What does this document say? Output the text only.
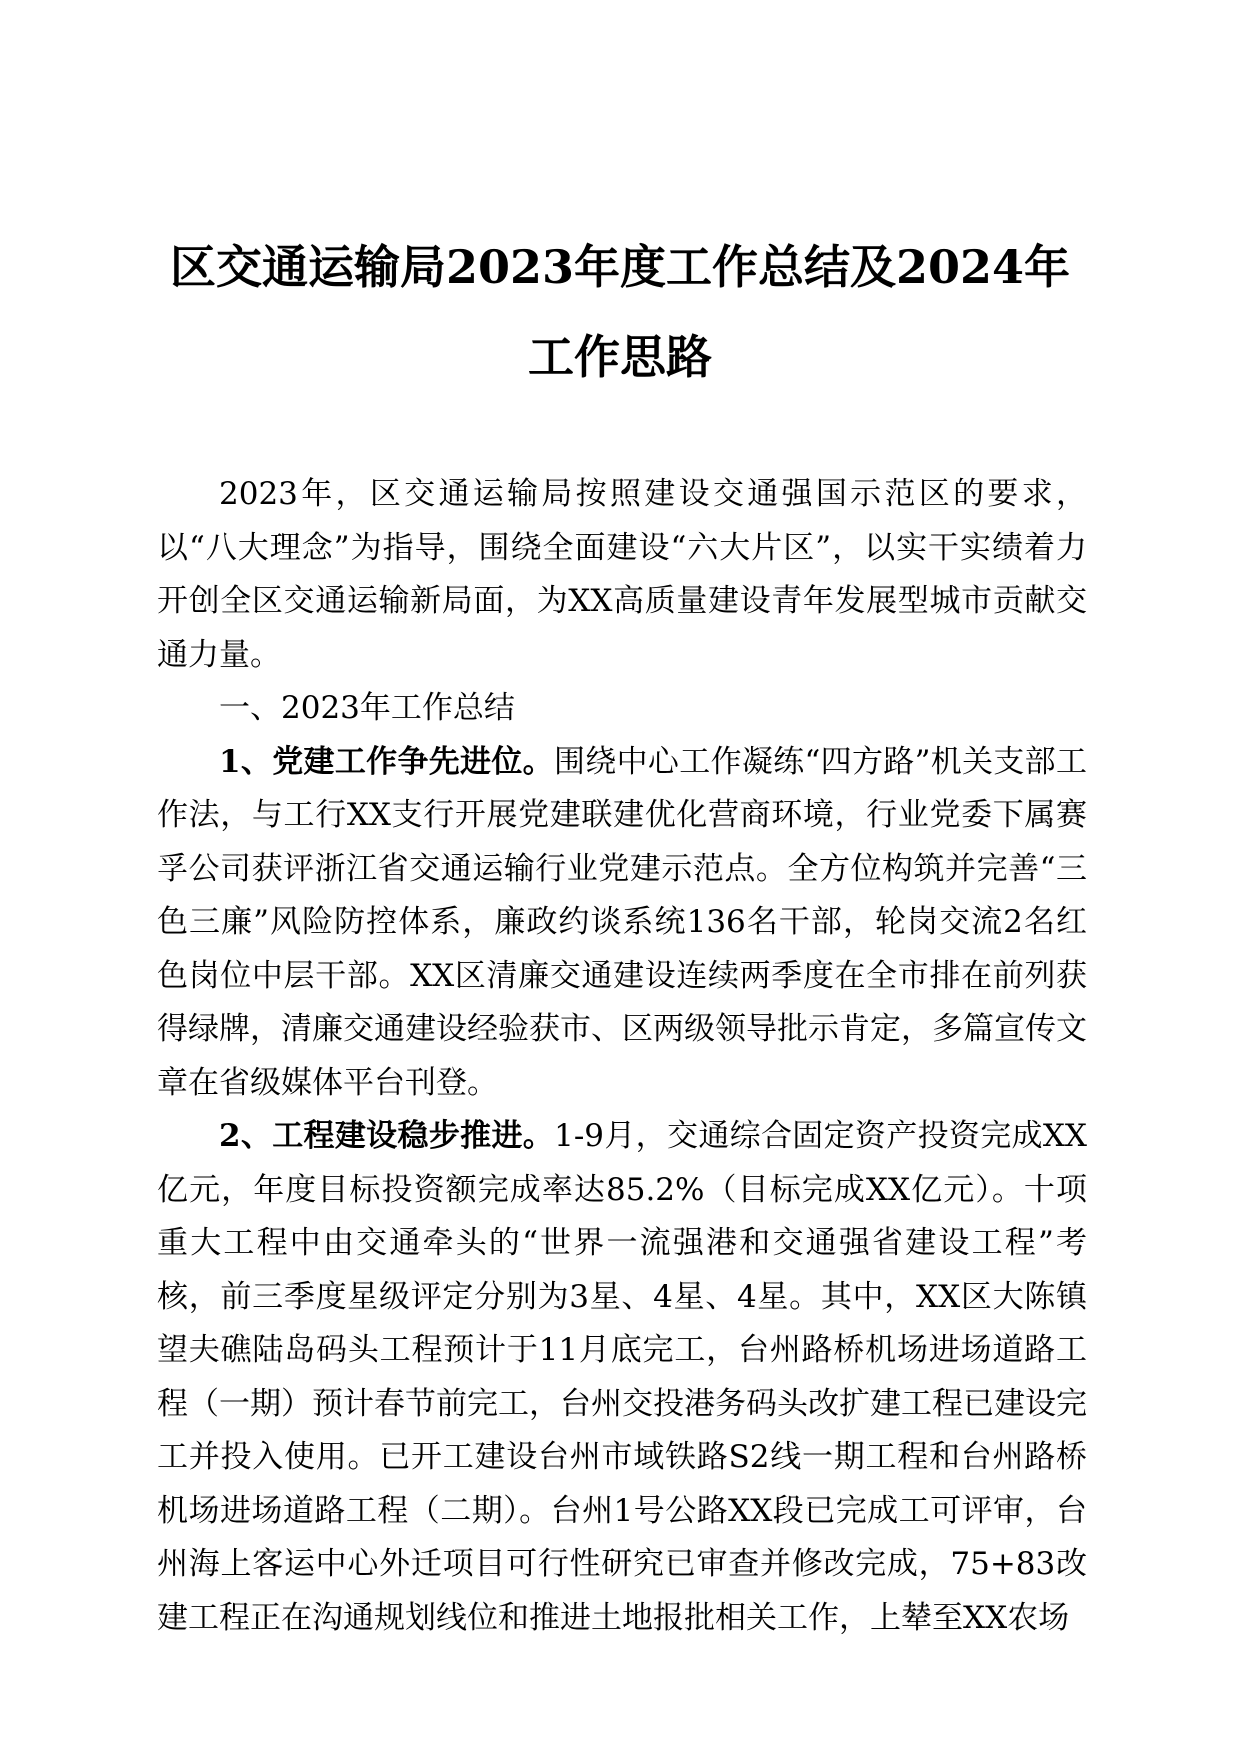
区交通运输局2023年度工作总结及2024年工作思路

2023年，区交通运输局按照建设交通强国示范区的要求，以“八大理念”为指导，围绕全面建设“六大片区”，以实干实绩着力开创全区交通运输新局面，为XX高质量建设青年发展型城市贡献交通力量。

一、2023年工作总结

1、党建工作争先进位。围绕中心工作凝练“四方路”机关支部工作法，与工行XX支行开展党建联建优化营商环境，行业党委下属赛孚公司获评浙江省交通运输行业党建示范点。全方位构筑并完善“三色三廉”风险防控体系，廉政约谈系统136名干部，轮岗交流2名红色岗位中层干部。XX区清廉交通建设连续两季度在全市排在前列获得绿牌，清廉交通建设经验获市、区两级领导批示肯定，多篇宣传文章在省级媒体平台刊登。

2、工程建设稳步推进。1-9月，交通综合固定资产投资完成XX亿元，年度目标投资额完成率达85.2%（目标完成XX亿元）。十项重大工程中由交通牵头的“世界一流强港和交通强省建设工程”考核，前三季度星级评定分别为3星、4星、4星。其中，XX区大陈镇望夫礁陆岛码头工程预计于11月底完工，台州路桥机场进场道路工程（一期）预计春节前完工，台州交投港务码头改扩建工程已建设完工并投入使用。已开工建设台州市域铁路S2线一期工程和台州路桥机场进场道路工程（二期）。台州1号公路XX段已完成工可评审，台州海上客运中心外迁项目可行性研究已审查并修改完成，75+83改建工程正在沟通规划线位和推进土地报批相关工作，上辇至XX农场
